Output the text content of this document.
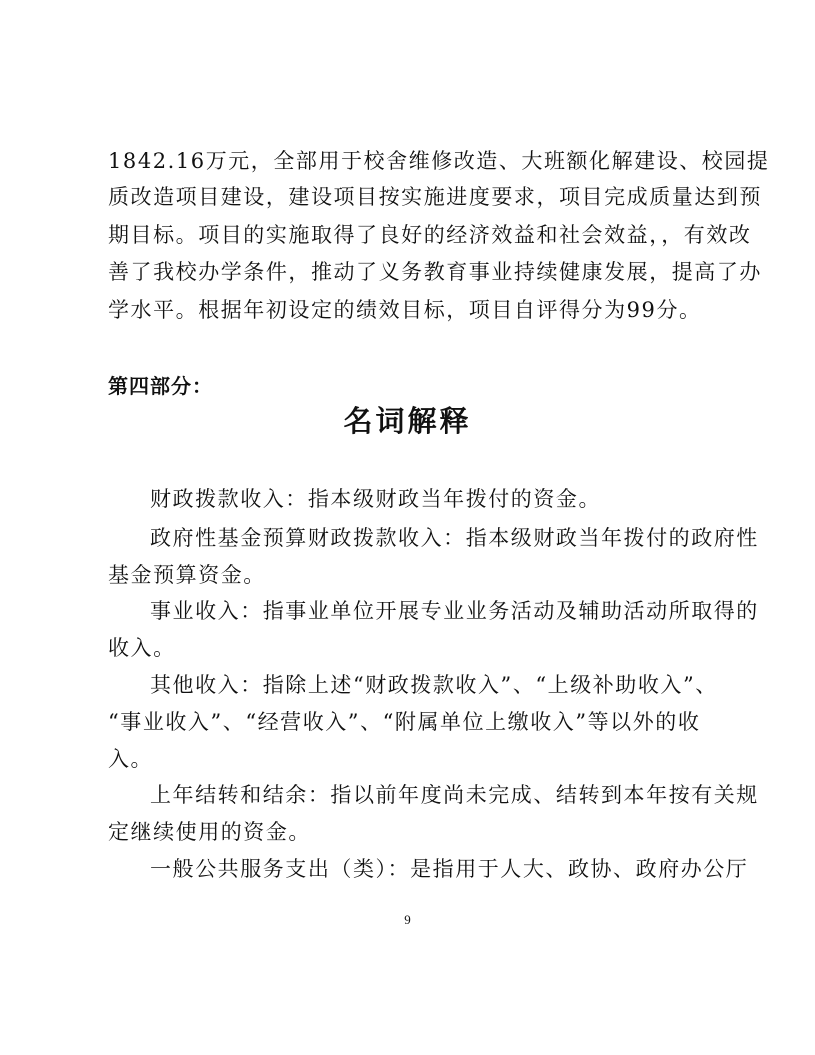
1842.16万元，全部用于校舍维修改造、大班额化解建设、校园提
质改造项目建设，建设项目按实施进度要求，项目完成质量达到预
期目标。项目的实施取得了良好的经济效益和社会效益，，有效改
善了我校办学条件，推动了义务教育事业持续健康发展，提高了办
学水平。根据年初设定的绩效目标，项目自评得分为99分。
第四部分：
名词解释
财政拨款收入：指本级财政当年拨付的资金。
政府性基金预算财政拨款收入：指本级财政当年拨付的政府性
基金预算资金。
事业收入：指事业单位开展专业业务活动及辅助活动所取得的
收入。
其他收入：指除上述“财政拨款收入”、“上级补助收入”、
“事业收入”、“经营收入”、“附属单位上缴收入”等以外的收
入。
上年结转和结余：指以前年度尚未完成、结转到本年按有关规
定继续使用的资金。
一般公共服务支出（类）：是指用于人大、政协、政府办公厅
9
